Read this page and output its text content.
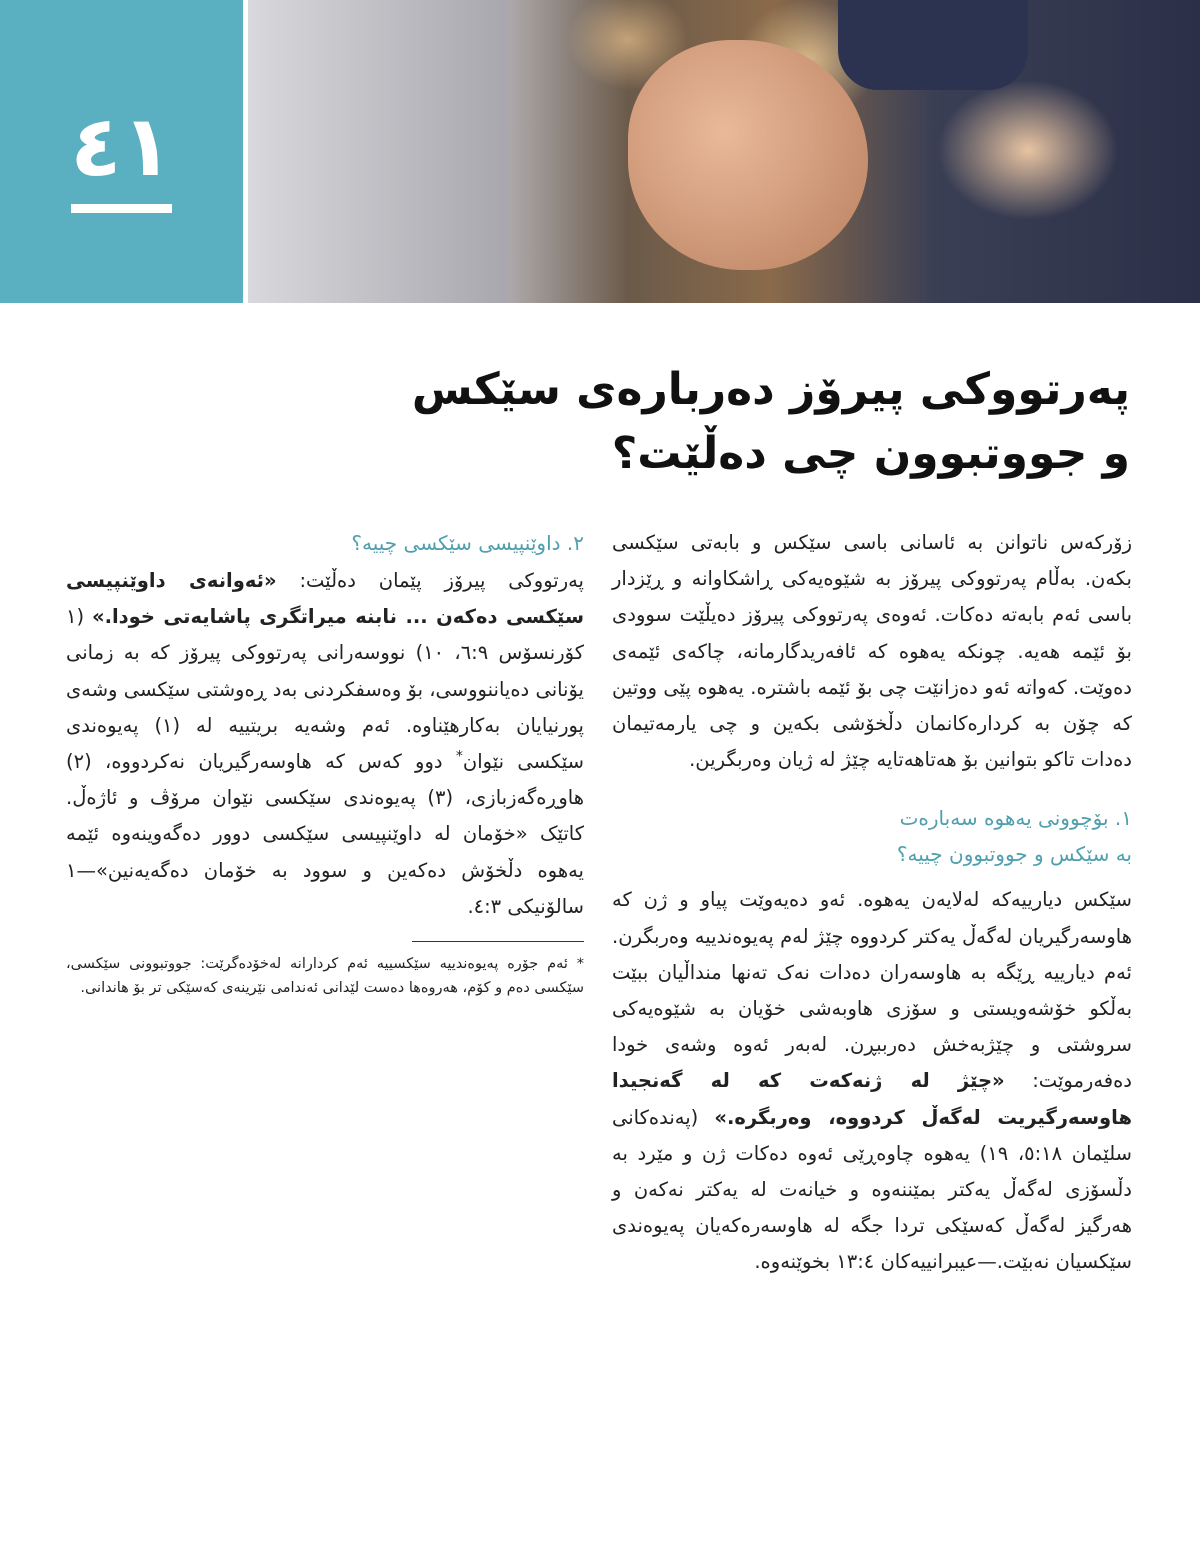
٤١
پەرتووکی پیرۆز دەربارەی سێکس
و جووتبوون چی دەڵێت؟

زۆرکەس ناتوانن بە ئاسانی باسی سێکس و بابەتی سێکسی بکەن. بەڵام پەرتووکی پیرۆز بە شێوەیەکی ڕاشکاوانە و ڕێزدار باسی ئەم بابەتە دەکات. ئەوەی پەرتووکی پیرۆز دەیڵێت سوودی بۆ ئێمە هەیە. چونکە یەهوە کە ئافەریدگارمانە، چاکەی ئێمەی دەوێت. کەواتە ئەو دەزانێت چی بۆ ئێمە باشترە. یەهوە پێی ووتین کە چۆن بە کردارەکانمان دڵخۆشی بکەین و چی یارمەتیمان دەدات تاکو بتوانین بۆ هەتاهەتایە چێژ لە ژیان وەربگرین.

١. بۆچوونی یەهوە سەبارەت
بە سێکس و جووتبوون چییە؟

سێکس دیارییەکە لەلایەن یەهوە. ئەو دەیەوێت پیاو و ژن کە هاوسەرگیریان لەگەڵ یەکتر کردووە چێژ لەم پەیوەندییە وەربگرن. ئەم دیارییە ڕێگە بە هاوسەران دەدات نەک تەنها منداڵیان ببێت بەڵکو خۆشەویستی و سۆزی هاوبەشی خۆیان بە شێوەیەکی سروشتی و چێژبەخش دەرببڕن. لەبەر ئەوە وشەی خودا دەفەرموێت: «چێژ لە ژنەکەت کە لە گەنجیدا هاوسەرگیریت لەگەڵ کردووە، وەربگرە.» (پەندەکانی سلێمان ٥:١٨، ١٩) یەهوە چاوەڕێی ئەوە دەکات ژن و مێرد بە دڵسۆزی لەگەڵ یەکتر بمێننەوە و خیانەت لە یەکتر نەکەن و هەرگیز لەگەڵ کەسێکی تردا جگە لە هاوسەرەکەیان پەیوەندی سێکسیان نەبێت.—عیبرانییەکان ١٣:٤ بخوێنەوە.

٢. داوێنپیسی سێکسی چییە؟

پەرتووکی پیرۆز پێمان دەڵێت: «ئەوانەی داوێنپیسی سێکسی دەکەن ... نابنە میراتگری پاشایەتی خودا.» (١ کۆرنسۆس ٦:٩، ١٠) نووسەرانی پەرتووکی پیرۆز کە بە زمانی یۆنانی دەیاننووسی، بۆ وەسفکردنی بەد ڕەوشتی سێکسی وشەی پورنیایان بەکارهێناوە. ئەم وشەیە بریتییە لە (١) پەیوەندی سێکسی نێوان* دوو کەس کە هاوسەرگیریان نەکردووە، (٢) هاوڕەگەزبازی، (٣) پەیوەندی سێکسی نێوان مرۆڤ و ئاژەڵ. کاتێک «خۆمان لە داوێنپیسی سێکسی دوور دەگەوینەوە ئێمە یەهوە دڵخۆش دەکەین و سوود بە خۆمان دەگەیەنین»—١ سالۆنیکی ٤:٣.

* ئەم جۆرە پەیوەندییە سێکسییە ئەم کردارانە لەخۆدەگرێت: جووتبوونی سێکسی، سێکسی دەم و کۆم، هەروەها دەست لێدانی ئەندامی نێرینەی کەسێکی تر بۆ هاندانی.
